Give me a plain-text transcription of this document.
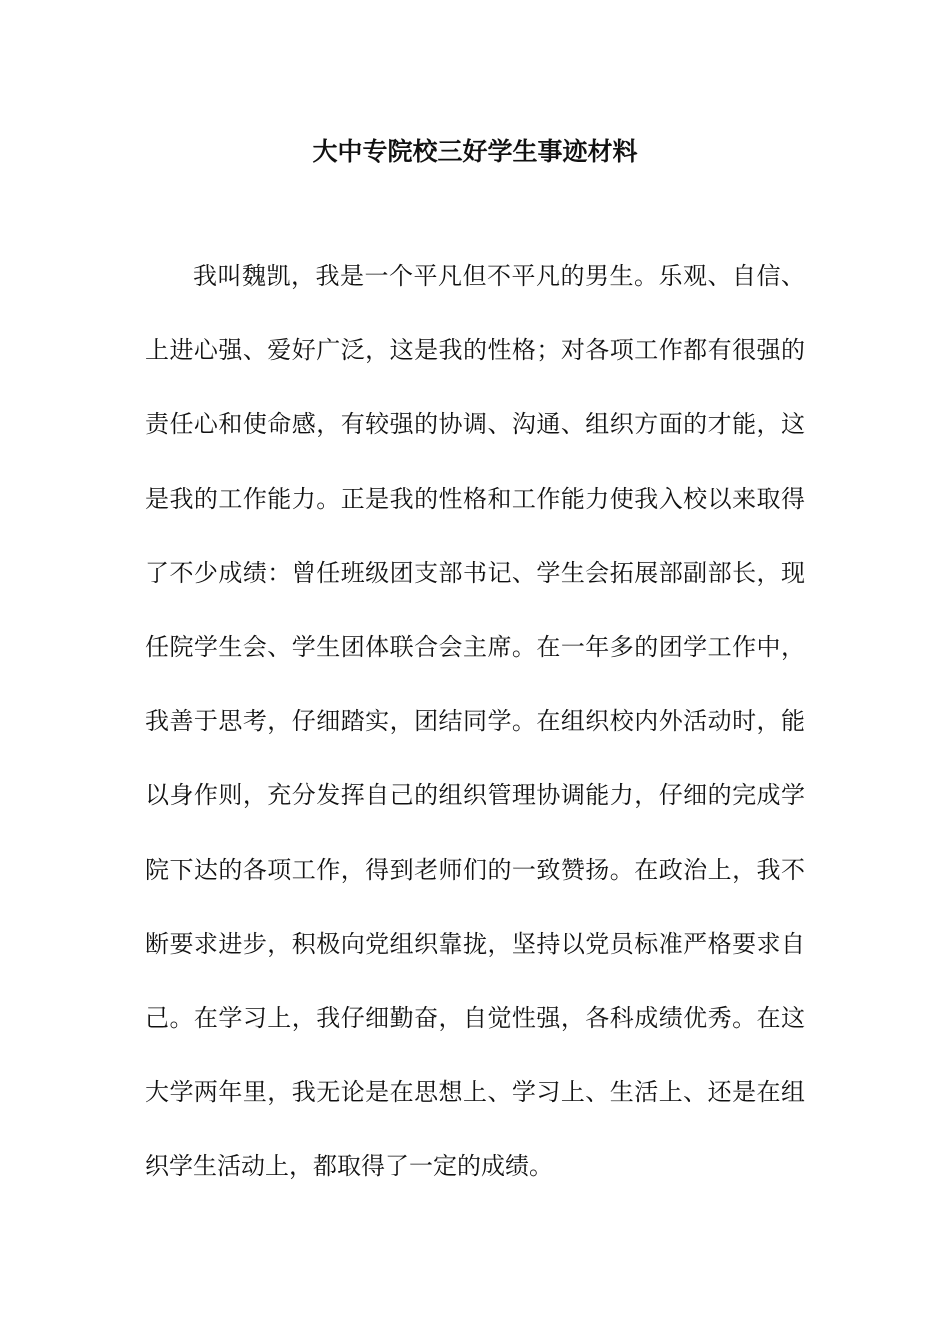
大中专院校三好学生事迹材料
我叫魏凯，我是一个平凡但不平凡的男生。乐观、自信、
上进心强、爱好广泛，这是我的性格；对各项工作都有很强的
责任心和使命感，有较强的协调、沟通、组织方面的才能，这
是我的工作能力。正是我的性格和工作能力使我入校以来取得
了不少成绩：曾任班级团支部书记、学生会拓展部副部长，现
任院学生会、学生团体联合会主席。在一年多的团学工作中，
我善于思考，仔细踏实，团结同学。在组织校内外活动时，能
以身作则，充分发挥自己的组织管理协调能力，仔细的完成学
院下达的各项工作，得到老师们的一致赞扬。在政治上，我不
断要求进步，积极向党组织靠拢，坚持以党员标准严格要求自
己。在学习上，我仔细勤奋，自觉性强，各科成绩优秀。在这
大学两年里，我无论是在思想上、学习上、生活上、还是在组
织学生活动上，都取得了一定的成绩。
